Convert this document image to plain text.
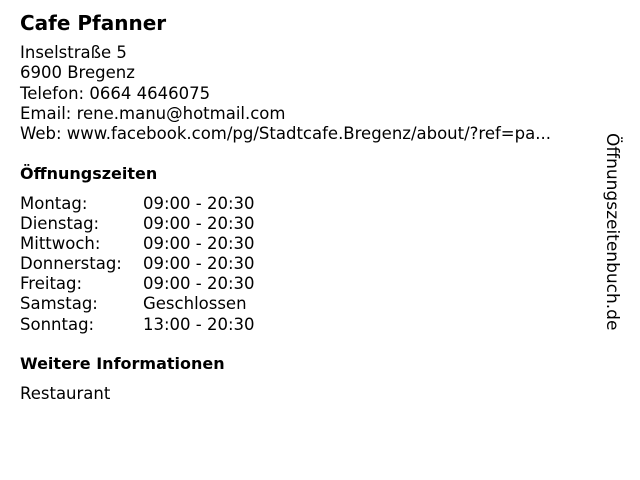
Cafe Pfanner
Inselstraße 5
6900 Bregenz
Telefon: 0664 4646075
Email: rene.manu@hotmail.com
Web: www.facebook.com/pg/Stadtcafe.Bregenz/about/?ref=pa...
Öffnungszeiten
Montag:	09:00 - 20:30
Dienstag:	09:00 - 20:30
Mittwoch:	09:00 - 20:30
Donnerstag:	09:00 - 20:30
Freitag:	09:00 - 20:30
Samstag:	Geschlossen
Sonntag:	13:00 - 20:30
Weitere Informationen
Restaurant
Öffnungszeitenbuch.de
